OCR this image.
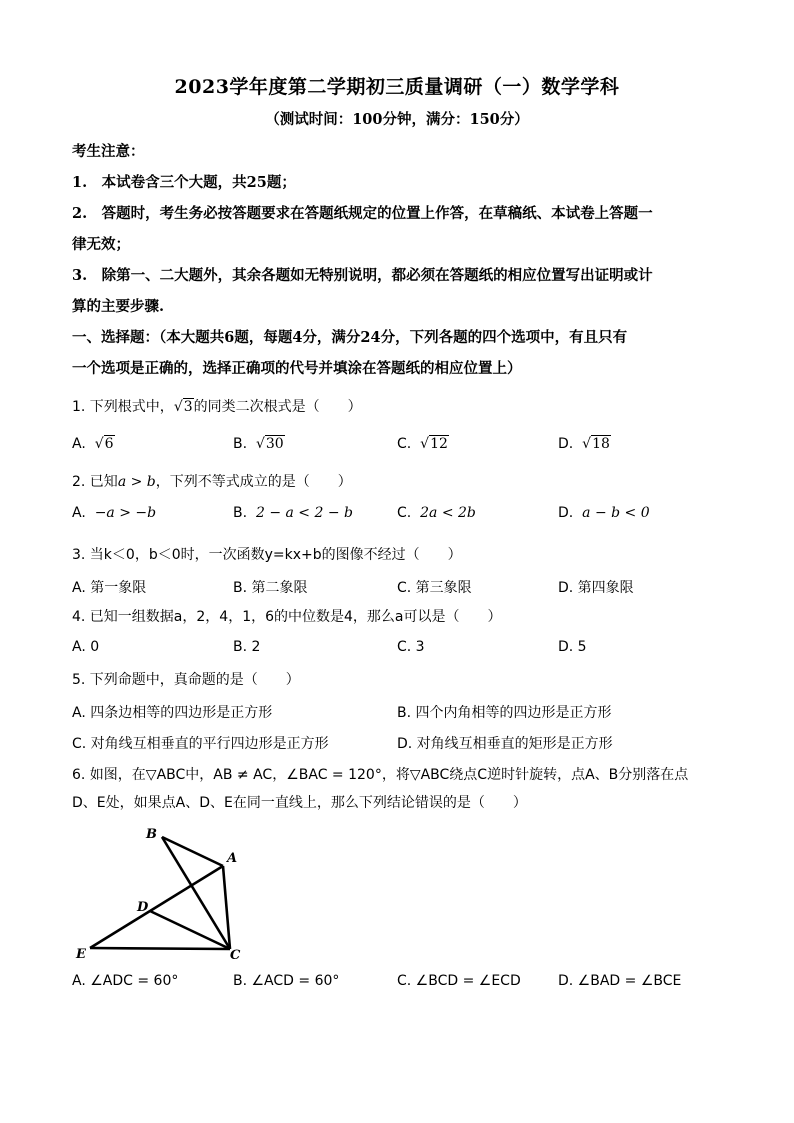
2023学年度第二学期初三质量调研（一）数学学科
（测试时间：100分钟，满分：150分）
考生注意：
1.　本试卷含三个大题，共25题；
2.　答题时，考生务必按答题要求在答题纸规定的位置上作答，在草稿纸、本试卷上答题一
律无效；
3.　除第一、二大题外，其余各题如无特别说明，都必须在答题纸的相应位置写出证明或计
算的主要步骤.
一、选择题：（本大题共6题，每题4分，满分24分，下列各题的四个选项中，有且只有
一个选项是正确的，选择正确项的代号并填涂在答题纸的相应位置上）
1. 下列根式中，√3的同类二次根式是（　　）
A. √6	B. √30	C. √12	D. √18
2. 已知a > b，下列不等式成立的是（　　）
A. −a > −b	B. 2 − a < 2 − b	C. 2a < 2b	D. a − b < 0
3. 当k＜0，b＜0时，一次函数y=kx+b的图像不经过（　　）
A. 第一象限	B. 第二象限	C. 第三象限	D. 第四象限
4. 已知一组数据a，2，4，1，6的中位数是4，那么a可以是（　　）
A. 0	B. 2	C. 3	D. 5
5. 下列命题中，真命题的是（　　）
A. 四条边相等的四边形是正方形	B. 四个内角相等的四边形是正方形
C. 对角线互相垂直的平行四边形是正方形	D. 对角线互相垂直的矩形是正方形
6. 如图，在▽ABC中，AB ≠ AC，∠BAC = 120°，将▽ABC绕点C逆时针旋转，点A、B分别落在点
D、E处，如果点A、D、E在同一直线上，那么下列结论错误的是（　　）
B
A
D
E	C
A. ∠ADC = 60°	B. ∠ACD = 60°	C. ∠BCD = ∠ECD	D. ∠BAD = ∠BCE
